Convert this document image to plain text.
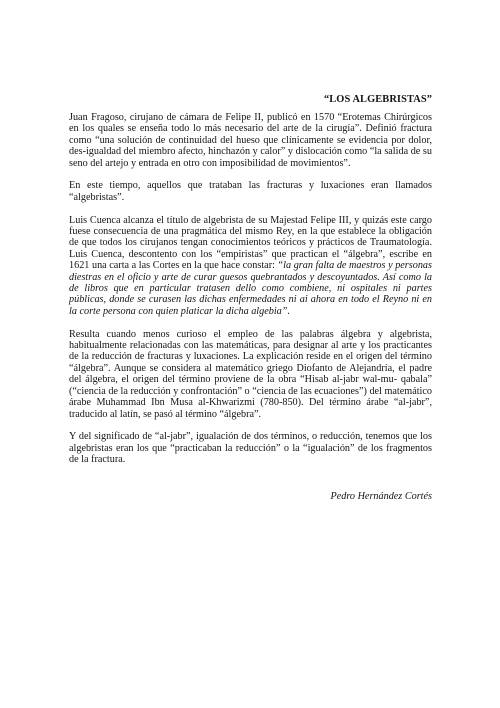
“LOS ALGEBRISTAS”

Juan Fragoso, cirujano de cámara de Felipe II, publicó en 1570 “Erotemas Chirúrgicos en los quales se enseña todo lo más necesario del arte de la cirugía”. Definió fractura como “una solución de continuidad del hueso que clínicamente se evidencia por dolor, des-igualdad del miembro afecto, hinchazón y calor” y dislocación como “la salida de su seno del artejo y entrada en otro con imposibilidad de movimientos”.

En este tiempo, aquellos que trataban las fracturas y luxaciones eran llamados “algebristas”.

Luis Cuenca alcanza el título de algebrista de su Majestad Felipe III, y quizás este cargo fuese consecuencia de una pragmática del mismo Rey, en la que establece la obligación de que todos los cirujanos tengan conocimientos teóricos y prácticos de Traumatología. Luis Cuenca, descontento con los “empiristas” que practican el “álgebra”, escribe en 1621 una carta a las Cortes en la que hace constar: “la gran falta de maestros y personas diestras en el oficio y arte de curar guesos quebrantados y descoyuntados. Así como la de libros que en particular tratasen dello como combiene, ni ospitales ni partes públicas, donde se curasen las dichas enfermedades ni ai ahora en todo el Reyno ni en la corte persona con quien platicar la dicha algebia”.

Resulta cuando menos curioso el empleo de las palabras álgebra y algebrista, habitualmente relacionadas con las matemáticas, para designar al arte y los practicantes de la reducción de fracturas y luxaciones. La explicación reside en el origen del término “álgebra”. Aunque se considera al matemático griego Diofanto de Alejandría, el padre del álgebra, el origen del término proviene de la obra “Hisab al-jabr wal-mu- qabala” (“ciencia de la reducción y confrontación” o “ciencia de las ecuaciones”) del matemático árabe Muhammad Ibn Musa al-Khwarizmi (780-850). Del término árabe “al-jabr”, traducido al latín, se pasó al término “álgebra”.

Y del significado de “al-jabr”, igualación de dos términos, o reducción, tenemos que los algebristas eran los que “practicaban la reducción” o la “igualación” de los fragmentos de la fractura.

Pedro Hernández Cortés
